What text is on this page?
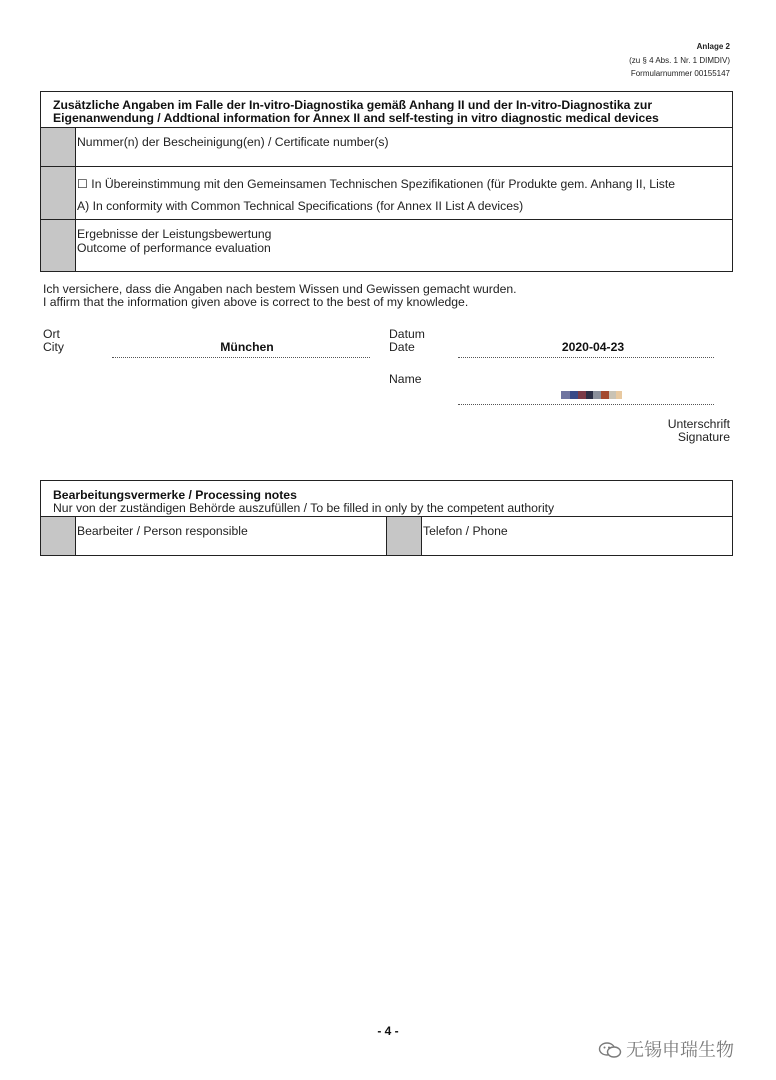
Anlage 2
(zu § 4 Abs. 1 Nr. 1 DIMDIV)
Formularnummer 00155147
Zusätzliche Angaben im Falle der In-vitro-Diagnostika gemäß Anhang II und der In-vitro-Diagnostika zur Eigenanwendung / Addtional information for Annex II and self-testing in vitro diagnostic medical devices
Nummer(n) der Bescheinigung(en) / Certificate number(s)
☐ In Übereinstimmung mit den Gemeinsamen Technischen Spezifikationen (für Produkte gem. Anhang II, Liste
A) In conformity with Common Technical Specifications (for Annex II List A devices)
Ergebnisse der Leistungsbewertung
Outcome of performance evaluation
Ich versichere, dass die Angaben nach bestem Wissen und Gewissen gemacht wurden.
I affirm that the information given above is correct to the best of my knowledge.
Ort
City	München
Datum
Date	2020-04-23
Name
Unterschrift
Signature
Bearbeitungsvermerke / Processing notes
Nur von der zuständigen Behörde auszufüllen / To be filled in only by the competent authority
Bearbeiter / Person responsible	Telefon / Phone
- 4 -
无锡申瑞生物
